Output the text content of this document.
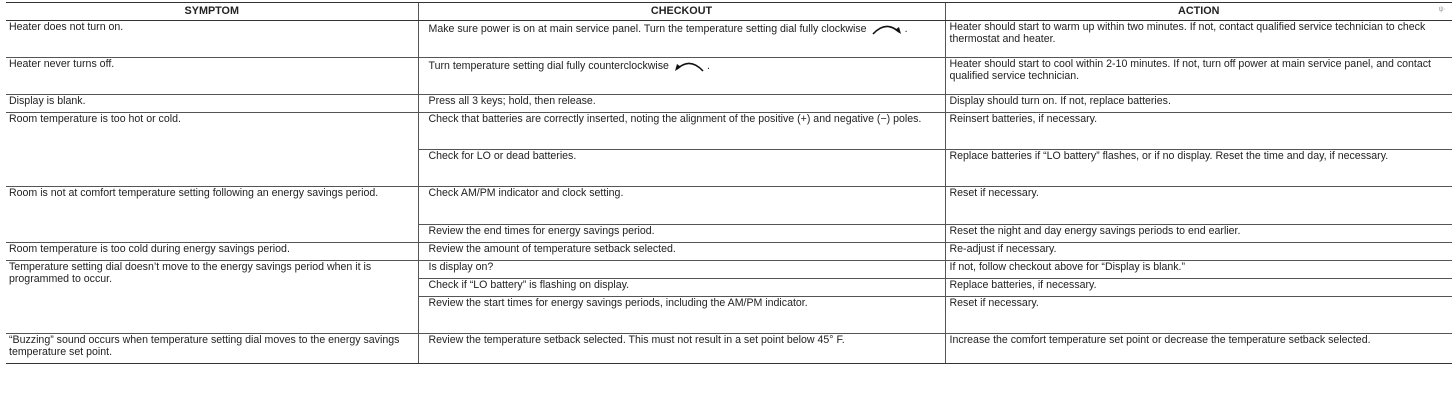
ψ·
SYMPTOM	CHECKOUT	ACTION
Heater does not turn on.	Make sure power is on at main service panel. Turn the temperature setting dial fully clockwise .	Heater should start to warm up within two minutes. If not, contact qualified service technician to check thermostat and heater.
Heater never turns off.	Turn temperature setting dial fully counterclockwise .	Heater should start to cool within 2-10 minutes. If not, turn off power at main service panel, and contact qualified service technician.
Display is blank.	Press all 3 keys; hold, then release.	Display should turn on. If not, replace batteries.
Room temperature is too hot or cold.	Check that batteries are correctly inserted, noting the alignment of the positive (+) and negative (−) poles.	Reinsert batteries, if necessary.
	Check for LO or dead batteries.	Replace batteries if “LO battery” flashes, or if no display. Reset the time and day, if necessary.
Room is not at comfort temperature setting following an energy savings period.	Check AM/PM indicator and clock setting.	Reset if necessary.
	Review the end times for energy savings period.	Reset the night and day energy savings periods to end earlier.
Room temperature is too cold during energy savings period.	Review the amount of temperature setback selected.	Re-adjust if necessary.
Temperature setting dial doesn’t move to the energy savings period when it is programmed to occur.	Is display on?	If not, follow checkout above for “Display is blank.”
	Check if “LO battery” is flashing on display.	Replace batteries, if necessary.
	Review the start times for energy savings periods, including the AM/PM indicator.	Reset if necessary.
“Buzzing” sound occurs when temperature setting dial moves to the energy savings temperature set point.	Review the temperature setback selected. This must not result in a set point below 45° F.	Increase the comfort temperature set point or decrease the temperature setback selected.
